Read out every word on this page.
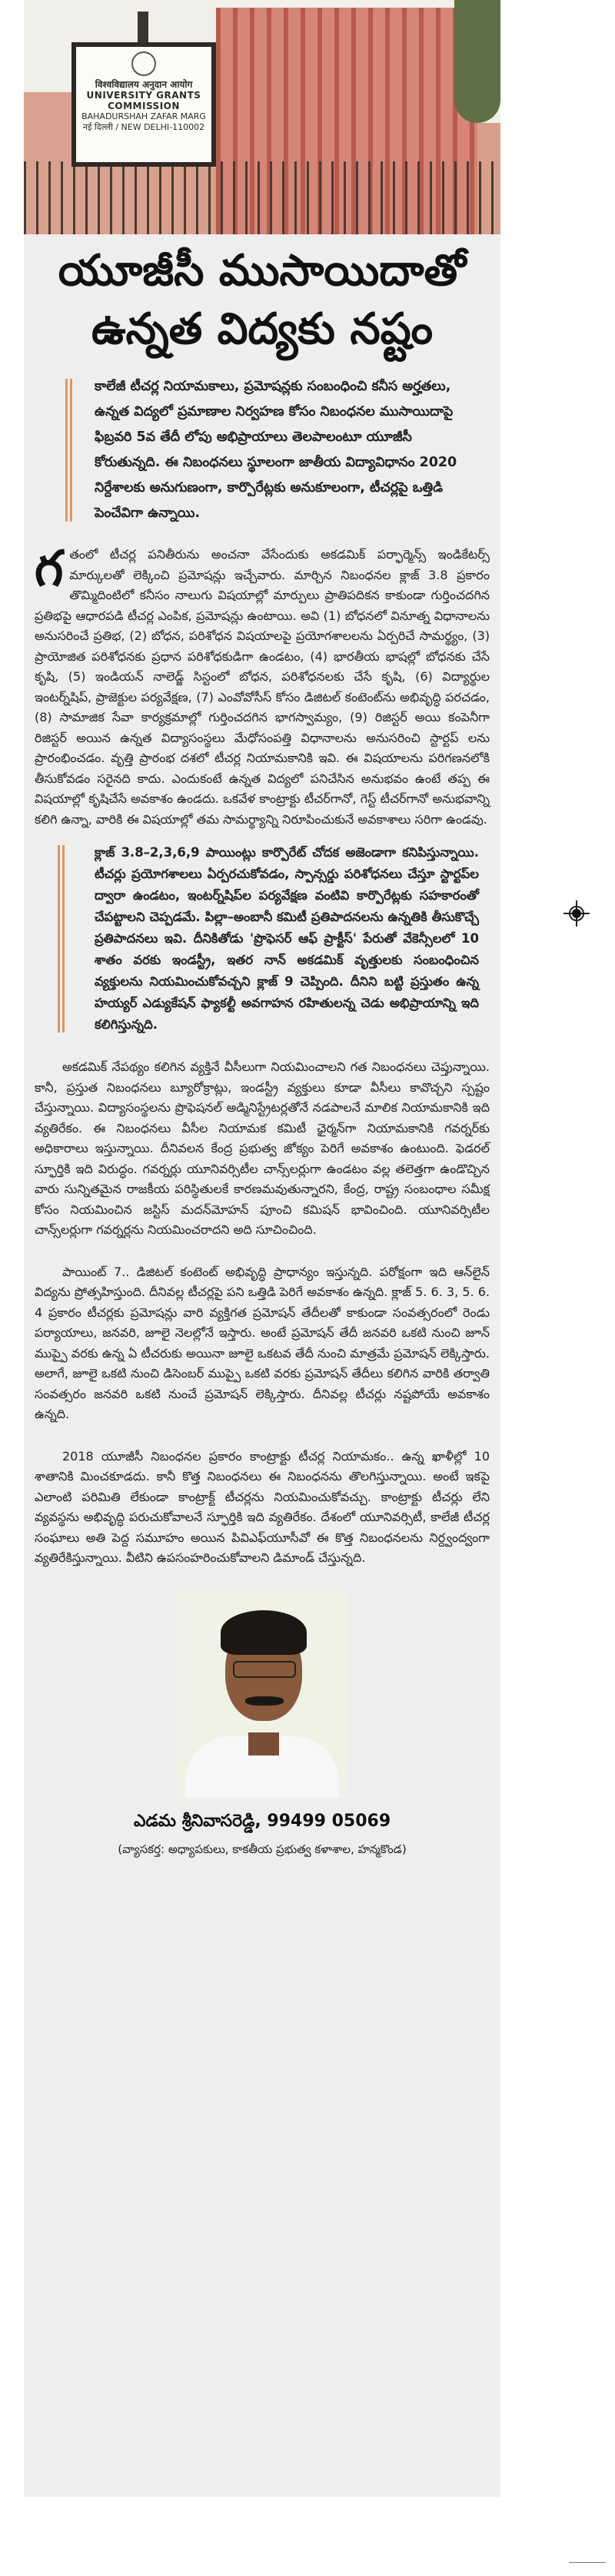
विश्वविद्यालय अनुदान आयोग
UNIVERSITY GRANTS COMMISSION
BAHADURSHAH ZAFAR MARG
नई दिल्ली / NEW DELHI-110002
యూజీసీ ముసాయిదాతో
ఉన్నత విద్యకు నష్టం
కాలేజీ టీచర్ల నియామకాలు, ప్రమోషన్లకు సంబంధించి కనీస అర్హతలు, ఉన్నత విద్యలో ప్రమాణాల నిర్వహణ కోసం నిబంధనల ముసాయిదాపై ఫిబ్రవరి 5వ తేదీ లోపు అభిప్రాయాలు తెలపాలంటూ యూజీసీ కోరుతున్నది. ఈ నిబంధనలు స్థూలంగా జాతీయ విద్యావిధానం 2020 నిర్దేశాలకు అనుగుణంగా, కార్పొరేట్లకు అనుకూలంగా, టీచర్లపై ఒత్తిడి పెంచేవిగా ఉన్నాయి.

గతంలో టీచర్ల పనితీరును అంచనా వేసేందుకు అకడమిక్ పర్ఫార్మెన్స్ ఇండికేటర్స్ మార్కులతో లెక్కించి ప్రమోషన్లు ఇచ్చేవారు. మార్చిన నిబంధనల క్లాజ్ 3.8 ప్రకారం తొమ్మిదింటిలో కనీసం నాలుగు విషయాల్లో మార్పులు ప్రాతిపదికన కాకుండా గుర్తించదగిన ప్రతిభపై ఆధారపడి టీచర్ల ఎంపిక, ప్రమోషన్లు ఉంటాయి. అవి (1) బోధనలో వినూత్న విధానాలను అనుసరించే ప్రతిభ, (2) బోధన, పరిశోధన విషయాలపై ప్రయోగశాలలను ఏర్పరిచే సామర్థ్యం, (3) ప్రాయోజిత పరిశోధనకు ప్రధాన పరిశోధకుడిగా ఉండటం, (4) భారతీయ భాషల్లో బోధనకు చేసే కృషి, (5) ఇండియన్ నాలెడ్జ్ సిస్టంలో బోధన, పరిశోధనలకు చేసే కృషి, (6) విద్యార్థుల ఇంటర్న్‌షిప్, ప్రాజెక్టుల పర్యవేక్షణ, (7) ఎంవోవోసీస్ కోసం డిజిటల్ కంటెంట్‌ను అభివృద్ధి పరచడం, (8) సామాజిక సేవా కార్యక్రమాల్లో గుర్తించదగిన భాగస్వామ్యం, (9) రిజిస్టర్ అయి కంపెనీగా రిజిస్టర్ అయిన ఉన్నత విద్యాసంస్థలు మేధోసంపత్తి విధానాలను అనుసరించి స్టార్టప్ లను ప్రారంభించడం. వృత్తి ప్రారంభ దశలో టీచర్ల నియామకానికి ఇవి. ఈ విషయాలను పరిగణనలోకి తీసుకోవడం సరైనది కాదు. ఎందుకంటే ఉన్నత విద్యలో పనిచేసిన అనుభవం ఉంటే తప్ప ఈ విషయాల్లో కృషిచేసే అవకాశం ఉండదు. ఒకవేళ కాంట్రాక్టు టీచర్‌గానో, గెస్ట్ టీచర్‌గానో అనుభవాన్ని కలిగి ఉన్నా, వారికి ఈ విషయాల్లో తమ సామర్థ్యాన్ని నిరూపించుకునే అవకాశాలు సరిగా ఉండవు.

క్లాజ్ 3.8–2,3,6,9 పాయింట్లు కార్పొరేట్ చోదక అజెండాగా కనిపిస్తున్నాయి. టీచర్లు ప్రయోగశాలలు ఏర్పరచుకోవడం, స్పాన్సర్డు పరిశోధనలు చేస్తూ స్టార్టప్‌ల ద్వారా ఉండటం, ఇంటర్న్‌షిప్‌ల పర్యవేక్షణ వంటివి కార్పొరేట్లకు సహకారంతో చేపట్టాలని చెప్పడమే. పిల్లా–అంబానీ కమిటీ ప్రతిపాదనలను ఉన్నతికి తీసుకొచ్చే ప్రతిపాదనలు ఇవి. దీనికితోడు 'ప్రొఫెసర్ ఆఫ్ ప్రాక్టీస్' పేరుతో వేకెన్సీలలో 10 శాతం వరకు ఇండస్ట్రీ, ఇతర నాన్ అకడమిక్ వృత్తులకు సంబంధించిన వ్యక్తులను నియమించుకోవచ్చని క్లాజ్ 9 చెప్పింది. దీనిని బట్టి ప్రస్తుతం ఉన్న హయ్యర్ ఎడ్యుకేషన్ ఫ్యాకల్టీ అవగాహన రహితులన్న చెడు అభిప్రాయాన్ని ఇది కలిగిస్తున్నది.

అకడమిక్ నేపథ్యం కలిగిన వ్యక్తినే వీసీలుగా నియమించాలని గత నిబంధనలు చెప్తున్నాయి. కానీ, ప్రస్తుత నిబంధనలు బ్యూరోక్రాట్లు, ఇండస్ట్రీ వ్యక్తులు కూడా వీసీలు కావొచ్చని స్పష్టం చేస్తున్నాయి. విద్యాసంస్థలను ప్రొఫెషనల్ అడ్మినిస్ట్రేటర్లతోనే నడపాలనే మాలిక నియామకానికి ఇది వ్యతిరేకం. ఈ నిబంధనలు వీసీల నియామక కమిటీ ఛైర్మన్‌గా నియామకానికి గవర్నర్‌కు అధికారాలు ఇస్తున్నాయి. దీనివలన కేంద్ర ప్రభుత్వ జోక్యం పెరిగే అవకాశం ఉంటుంది. ఫెడరల్ స్ఫూర్తికి ఇది విరుద్ధం. గవర్నర్లు యూనివర్సిటీల చాన్స్‌లర్లుగా ఉండటం వల్ల తలెత్తగా ఉండొచ్చిన వారు సున్నితమైన రాజకీయ పరిస్థితులకే కారణమవుతున్నారని, కేంద్ర, రాష్ట్ర సంబంధాల సమీక్ష కోసం నియమించిన జస్టిస్ మదన్‌మోహన్ పూంచి కమిషన్ భావించింది. యూనివర్సిటీల చాన్స్‌లర్లుగా గవర్నర్లను నియమించరాదని అది సూచించింది.

పాయింట్ 7.. డిజిటల్ కంటెంట్ అభివృద్ధి ప్రాధాన్యం ఇస్తున్నది. పరోక్షంగా ఇది ఆన్‌లైన్ విద్యను ప్రోత్సహిస్తుంది. దీనివల్ల టీచర్లపై పని ఒత్తిడి పెరిగే అవకాశం ఉన్నది. క్లాజ్ 5. 6. 3, 5. 6. 4 ప్రకారం టీచర్లకు ప్రమోషన్లు వారి వ్యక్తిగత ప్రమోషన్ తేదీలతో కాకుండా సంవత్సరంలో రెండు పర్యాయాలు, జనవరి, జూలై నెలల్లోనే ఇస్తారు. అంటే ప్రమోషన్ తేదీ జనవరి ఒకటి నుంచి జూన్ ముప్పై వరకు ఉన్న ఏ టీచరుకు అయినా జూలై ఒకటవ తేదీ నుంచి మాత్రమే ప్రమోషన్ లెక్కిస్తారు. అలాగే, జూలై ఒకటి నుంచి డిసెంబర్ ముప్పై ఒకటి వరకు ప్రమోషన్ తేదీలు కలిగిన వారికి తర్వాతి సంవత్సరం జనవరి ఒకటి నుంచే ప్రమోషన్ లెక్కిస్తారు. దీనివల్ల టీచర్లు నష్టపోయే అవకాశం ఉన్నది.

2018 యూజీసీ నిబంధనల ప్రకారం కాంట్రాక్టు టీచర్ల నియామకం.. ఉన్న ఖాళీల్లో 10 శాతానికి మించకూడదు. కానీ కొత్త నిబంధనలు ఈ నిబంధనను తొలగిస్తున్నాయి. అంటే ఇకపై ఎలాంటి పరిమితి లేకుండా కాంట్రాక్ట్ టీచర్లను నియమించుకోవచ్చు. కాంట్రాక్టు టీచర్లు లేని వ్యవస్థను అభివృద్ధి పరుచుకోవాలనే స్ఫూర్తికి ఇది వ్యతిరేకం. దేశంలో యూనివర్సిటీ, కాలేజీ టీచర్ల సంఘాలు అతి పెద్ద సమూహం అయిన పివిఎఫ్‌యూసీవో ఈ కొత్త నిబంధనలను నిర్ద్వంద్వంగా వ్యతిరేకిస్తున్నాయి. వీటిని ఉపసంహరించుకోవాలని డిమాండ్ చేస్తున్నది.

ఎడమ శ్రీనివాసరెడ్డి, 99499 05069
(వ్యాసకర్త: అధ్యాపకులు, కాకతీయ ప్రభుత్వ కళాశాల, హన్మకొండ)
